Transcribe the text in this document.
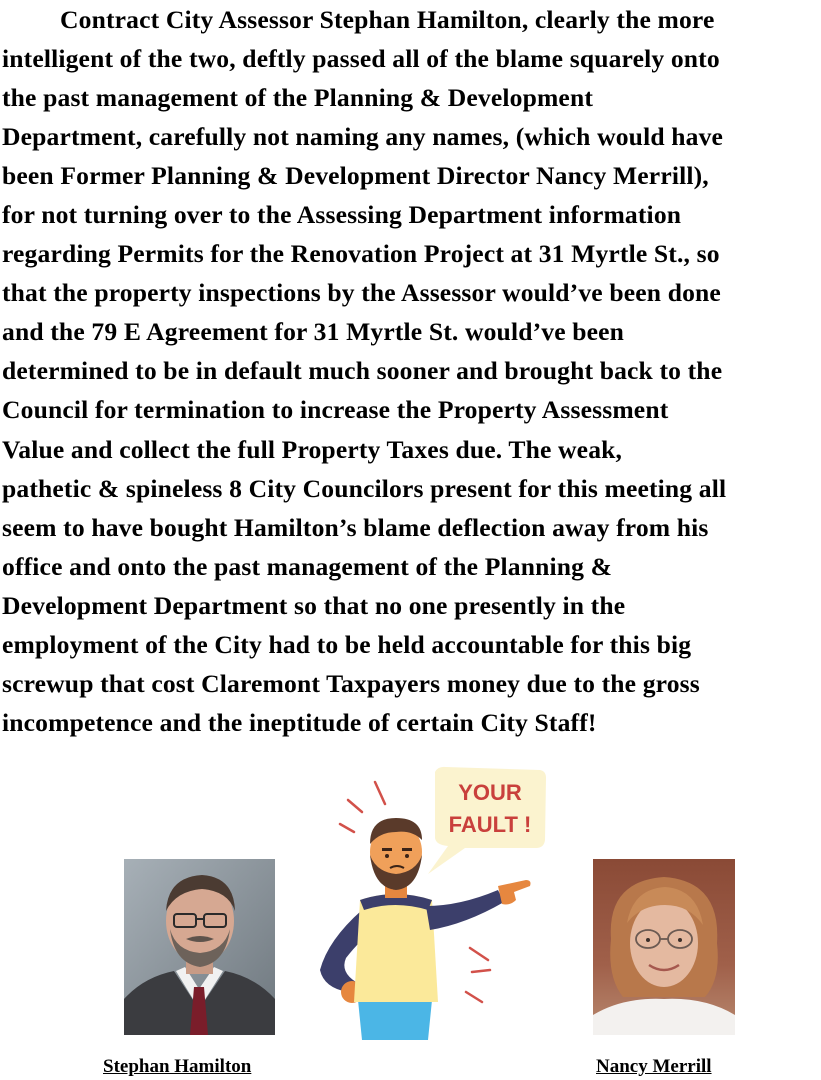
Contract City Assessor Stephan Hamilton, clearly the more
intelligent of the two, deftly passed all of the blame squarely onto
the past management of the Planning & Development
Department, carefully not naming any names, (which would have
been Former Planning & Development Director Nancy Merrill),
for not turning over to the Assessing Department information
regarding Permits for the Renovation Project at 31 Myrtle St., so
that the property inspections by the Assessor would’ve been done
and the 79 E Agreement for 31 Myrtle St. would’ve been
determined to be in default much sooner and brought back to the
Council for termination to increase the Property Assessment
Value and collect the full Property Taxes due. The weak,
pathetic & spineless 8 City Councilors present for this meeting all
seem to have bought Hamilton’s blame deflection away from his
office and onto the past management of the Planning &
Development Department so that no one presently in the
employment of the City had to be held accountable for this big
screwup that cost Claremont Taxpayers money due to the gross
incompetence and the ineptitude of certain City Staff!
YOUR
FAULT !
Stephan Hamilton	Nancy Merrill
